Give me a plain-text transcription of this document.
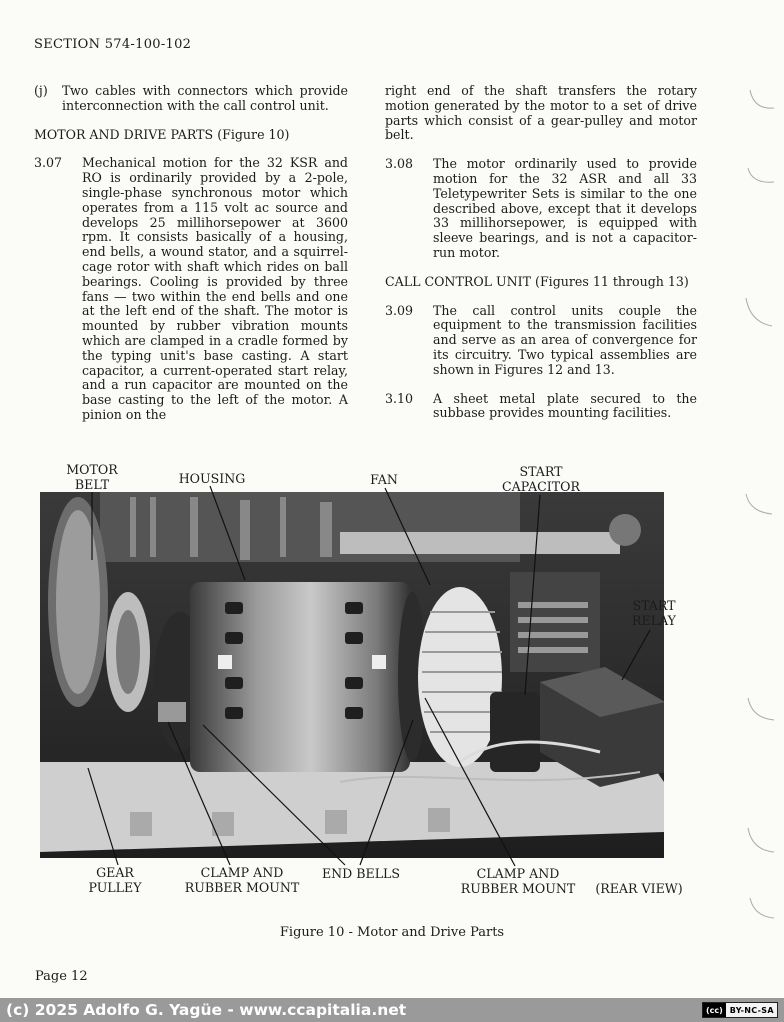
SECTION 574-100-102

(j)	Two cables with connectors which provide interconnection with the call control unit.

MOTOR AND DRIVE PARTS (Figure 10)

3.07	Mechanical motion for the 32 KSR and RO is ordinarily provided by a 2-pole, single-phase synchronous motor which operates from a 115 volt ac source and develops 25 millihorsepower at 3600 rpm. It consists basically of a housing, end bells, a wound stator, and a squirrel-cage rotor with shaft which rides on ball bearings. Cooling is provided by three fans — two within the end bells and one at the left end of the shaft. The motor is mounted by rubber vibration mounts which are clamped in a cradle formed by the typing unit's base casting. A start capacitor, a current-operated start relay, and a run capacitor are mounted on the base casting to the left of the motor. A pinion on the

right end of the shaft transfers the rotary motion generated by the motor to a set of drive parts which consist of a gear-pulley and motor belt.

3.08	The motor ordinarily used to provide motion for the 32 ASR and all 33 Teletypewriter Sets is similar to the one described above, except that it develops 33 millihorsepower, is equipped with sleeve bearings, and is not a capacitor-run motor.

CALL CONTROL UNIT (Figures 11 through 13)

3.09	The call control units couple the equipment to the transmission facilities and serve as an area of convergence for its circuitry. Two typical assemblies are shown in Figures 12 and 13.

3.10	A sheet metal plate secured to the subbase provides mounting facilities.

MOTOR
BELT	HOUSING	FAN
START
CAPACITOR
START
RELAY
GEAR
PULLEY
CLAMP AND
RUBBER MOUNT
END BELLS	CLAMP AND
RUBBER MOUNT	(REAR VIEW)
Figure 10 - Motor and Drive Parts
Page 12
(c) 2025 Adolfo G. Yagüe - www.ccapitalia.net	(cc) BY-NC-SA
